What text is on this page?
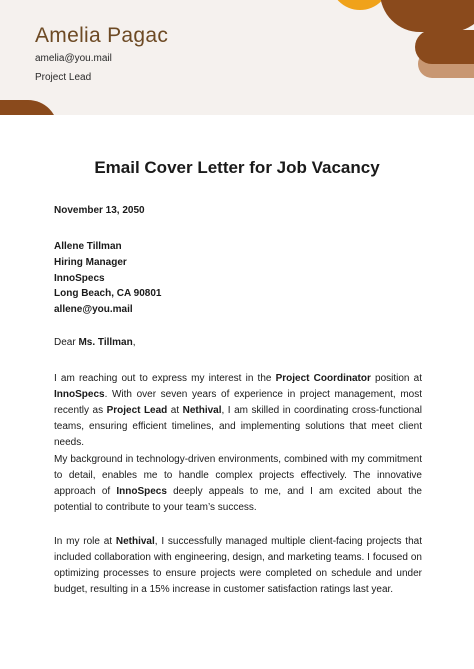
Amelia Pagac
amelia@you.mail
Project Lead
Email Cover Letter for Job Vacancy
November 13, 2050
Allene Tillman
Hiring Manager
InnoSpecs
Long Beach, CA 90801
allene@you.mail
Dear Ms. Tillman,

I am reaching out to express my interest in the Project Coordinator position at InnoSpecs. With over seven years of experience in project management, most recently as Project Lead at Nethival, I am skilled in coordinating cross-functional teams, ensuring efficient timelines, and implementing solutions that meet client needs.

My background in technology-driven environments, combined with my commitment to detail, enables me to handle complex projects effectively. The innovative approach of InnoSpecs deeply appeals to me, and I am excited about the potential to contribute to your team’s success.

In my role at Nethival, I successfully managed multiple client-facing projects that included collaboration with engineering, design, and marketing teams. I focused on optimizing processes to ensure projects were completed on schedule and under budget, resulting in a 15% increase in customer satisfaction ratings last year.
